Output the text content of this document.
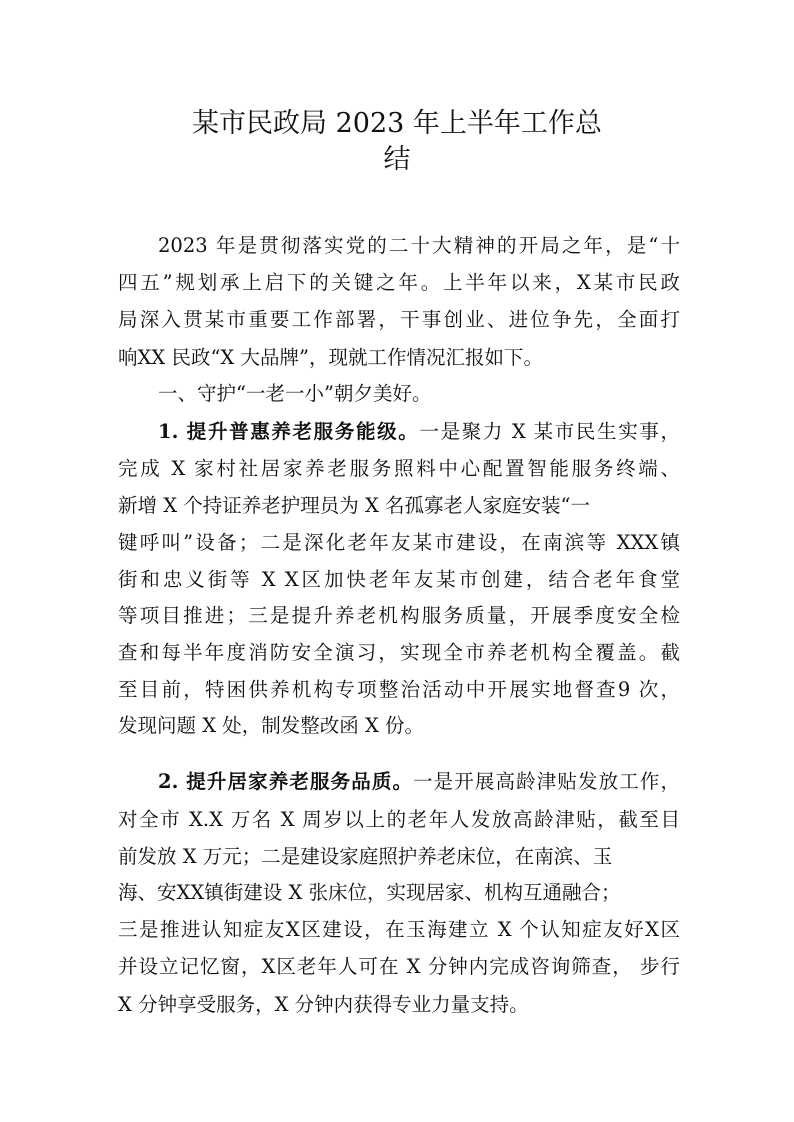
某市民政局 2023 年上半年工作总
结
2023 年是贯彻落实党的二十大精神的开局之年，是“十
四五”规划承上启下的关键之年。上半年以来，X某市民政
局深入贯某市重要工作部署，干事创业、进位争先，全面打
响XX 民政“X 大品牌”，现就工作情况汇报如下。
一、守护“一老一小”朝夕美好。
1. 提升普惠养老服务能级。一是聚力 X 某市民生实事，
完成 X 家村社居家养老服务照料中心配置智能服务终端、
新增 X 个持证养老护理员为 X 名孤寡老人家庭安装“一
键呼叫”设备；二是深化老年友某市建设，在南滨等 XXX镇
街和忠义街等 X X区加快老年友某市创建，结合老年食堂
等项目推进；三是提升养老机构服务质量，开展季度安全检
查和每半年度消防安全演习，实现全市养老机构全覆盖。截
至目前，特困供养机构专项整治活动中开展实地督查9 次，
发现问题 X 处，制发整改函 X 份。
2. 提升居家养老服务品质。一是开展高龄津贴发放工作，
对全市 X.X 万名 X 周岁以上的老年人发放高龄津贴，截至目
前发放 X 万元；二是建设家庭照护养老床位，在南滨、玉
海、安XX镇街建设 X 张床位，实现居家、机构互通融合；
三是推进认知症友X区建设，在玉海建立 X 个认知症友好X区
并设立记忆窗，X区老年人可在 X 分钟内完成咨询筛查， 步行
X 分钟享受服务，X 分钟内获得专业力量支持。
